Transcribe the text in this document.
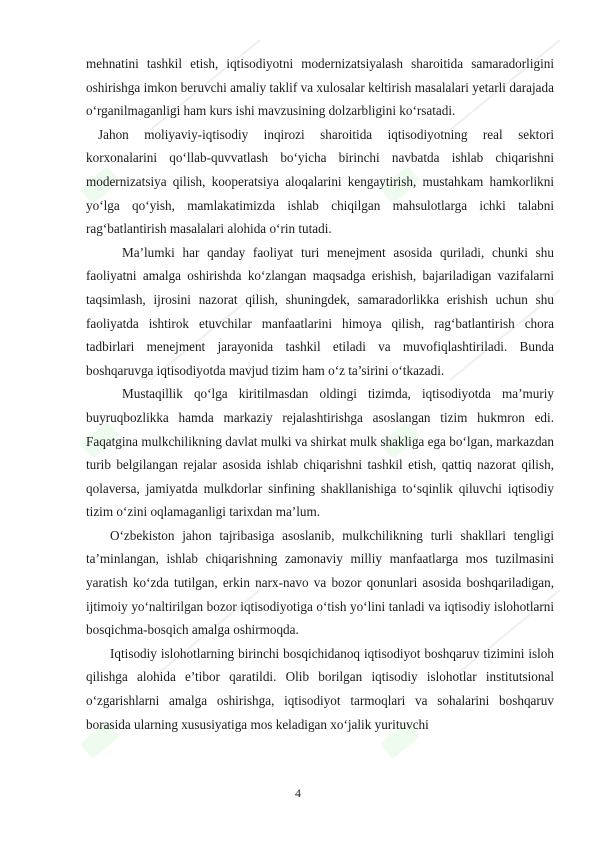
mehnatini tashkil etish, iqtisodiyotni modernizatsiyalash sharoitida samaradorligini oshirishga imkon beruvchi amaliy taklif va xulosalar keltirish masalalari yetarli darajada o‘rganilmaganligi ham kurs ishi mavzusining dolzarbligini ko‘rsatadi.

Jahon moliyaviy-iqtisodiy inqirozi sharoitida iqtisodiyotning real sektori korxonalarini qo‘llab-quvvatlash bo‘yicha birinchi navbatda ishlab chiqarishni modernizatsiya qilish, kooperatsiya aloqalarini kengaytirish, mustahkam hamkorlikni yo‘lga qo‘yish, mamlakatimizda ishlab chiqilgan mahsulotlarga ichki talabni rag‘batlantirish masalalari alohida o‘rin tutadi.

Ma’lumki har qanday faoliyat turi menejment asosida quriladi, chunki shu faoliyatni amalga oshirishda ko‘zlangan maqsadga erishish, bajariladigan vazifalarni taqsimlash, ijrosini nazorat qilish, shuningdek, samaradorlikka erishish uchun shu faoliyatda ishtirok etuvchilar manfaatlarini himoya qilish, rag‘batlantirish chora tadbirlari menejment jarayonida tashkil etiladi va muvofiqlashtiriladi. Bunda boshqaruvga iqtisodiyotda mavjud tizim ham o‘z ta’sirini o‘tkazadi.

Mustaqillik qo‘lga kiritilmasdan oldingi tizimda, iqtisodiyotda ma’muriy buyruqbozlikka hamda markaziy rejalashtirishga asoslangan tizim hukmron edi. Faqatgina mulkchilikning davlat mulki va shirkat mulk shakliga ega bo‘lgan, markazdan turib belgilangan rejalar asosida ishlab chiqarishni tashkil etish, qattiq nazorat qilish, qolaversa, jamiyatda mulkdorlar sinfining shakllanishiga to‘sqinlik qiluvchi iqtisodiy tizim o‘zini oqlamaganligi tarixdan ma’lum.

O‘zbekiston jahon tajribasiga asoslanib, mulkchilikning turli shakllari tengligi ta’minlangan, ishlab chiqarishning zamonaviy milliy manfaatlarga mos tuzilmasini yaratish ko‘zda tutilgan, erkin narx-navo va bozor qonunlari asosida boshqariladigan, ijtimoiy yo‘naltirilgan bozor iqtisodiyotiga o‘tish yo‘lini tanladi va iqtisodiy islohotlarni bosqichma-bosqich amalga oshirmoqda.

Iqtisodiy islohotlarning birinchi bosqichidanoq iqtisodiyot boshqaruv tizimini isloh qilishga alohida e’tibor qaratildi. Olib borilgan iqtisodiy islohotlar institutsional o‘zgarishlarni amalga oshirishga, iqtisodiyot tarmoqlari va sohalarini boshqaruv borasida ularning xususiyatiga mos keladigan xo‘jalik yurituvchi

4
